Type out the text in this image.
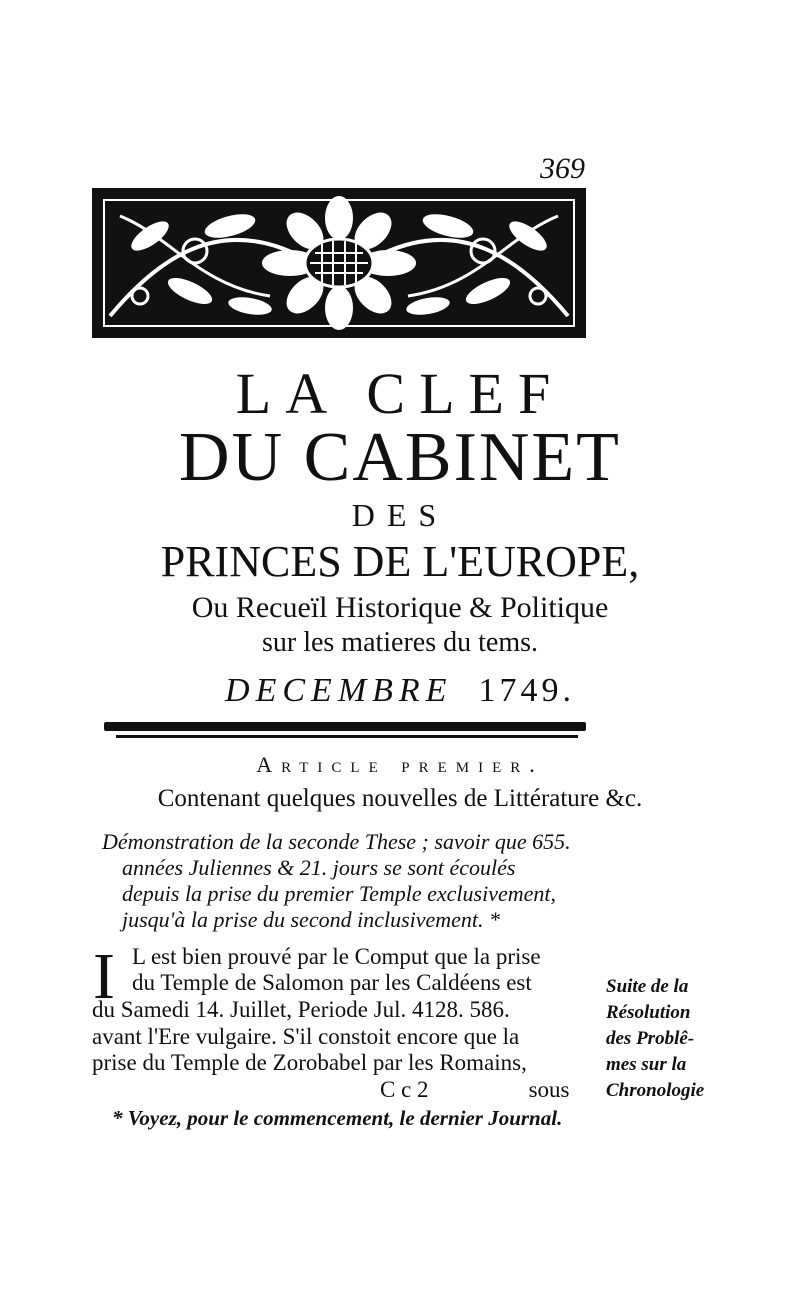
369
LA CLEF
DU CABINET
DES
PRINCES DE L'EUROPE,
Ou Recueïl Historique & Politique
sur les matieres du tems.
DECEMBRE 1749.
Article premier.
Contenant quelques nouvelles de Littérature &c.
Démonstration de la seconde These ; savoir que 655.
années Juliennes & 21. jours se sont écoulés
depuis la prise du premier Temple exclusivement,
jusqu'à la prise du second inclusivement. *
I L est bien prouvé par le Comput que la prise
du Temple de Salomon par les Caldéens est
du Samedi 14. Juillet, Periode Jul. 4128. 586.
avant l'Ere vulgaire. S'il constoit encore que la
prise du Temple de Zorobabel par les Romains,
C c 2	sous
Suite de la
Résolution
des Problê-
mes sur la
Chronologie
* Voyez, pour le commencement, le dernier Journal.
